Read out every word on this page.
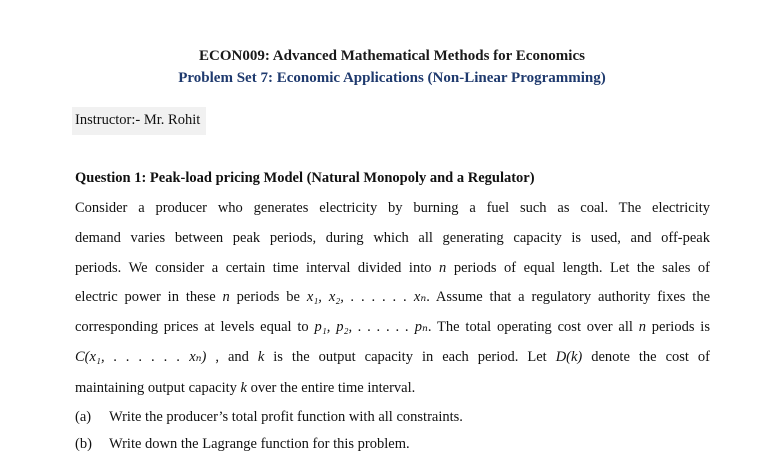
ECON009: Advanced Mathematical Methods for Economics
Problem Set 7: Economic Applications (Non-Linear Programming)
Instructor:- Mr. Rohit
Question 1: Peak-load pricing Model (Natural Monopoly and a Regulator)
Consider a producer who generates electricity by burning a fuel such as coal. The electricity
demand varies between peak periods, during which all generating capacity is used, and off-peak
periods. We consider a certain time interval divided into n periods of equal length. Let the sales of
electric power in these n periods be x₁, x₂, . . . . . . xₙ. Assume that a regulatory authority fixes the
corresponding prices at levels equal to p₁, p₂, . . . . . . pₙ. The total operating cost over all n periods is
C(x₁, . . . . . . xₙ) , and k is the output capacity in each period. Let D(k) denote the cost of
maintaining output capacity k over the entire time interval.
(a) Write the producer’s total profit function with all constraints.
(b) Write down the Lagrange function for this problem.
